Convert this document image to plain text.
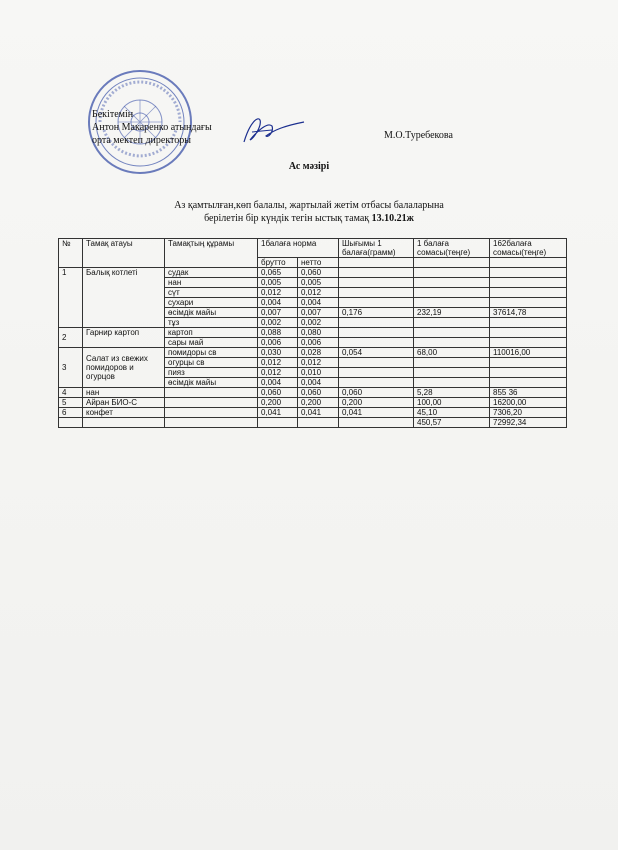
Бекітемін
Антон Макаренко атындағы
орта мектеп директоры	М.О.Туребекова
Ас мәзірі
Аз қамтылған,көп балалы, жартылай жетім отбасы балаларына
берілетін бір күндік тегін ыстық тамақ 13.10.21ж
№	Тамақ атауы	Тамақтың құрамы	1балаға норма		Шығымы 1 балаға(грамм)	1 балаға сомасы(теңге)	162балаға сомасы(теңге)
			брутто	нетто			
1	Балық котлеті	судак	0,065	0,060			
		нан	0,005	0,005			
		сүт	0,012	0,012			
		сухари	0,004	0,004			
		өсімдік майы	0,007	0,007	0,176	232,19	37614,78
		тұз	0,002	0,002			
2	Гарнир картоп	картоп	0,088	0,080			
		сары май	0,006	0,006			
3	Салат из свежих помидоров и огурцов	помидоры св	0,030	0,028	0,054	68,00	110016,00
		огурцы св	0,012	0,012			
		пияз	0,012	0,010			
		өсімдік майы	0,004	0,004			
4	нан		0,060	0,060	0,060	5,28	855 36
5	Айран БИО-С		0,200	0,200	0,200	100,00	16200,00
6	конфет		0,041	0,041	0,041	45,10	7306,20
						450,57	72992,34
